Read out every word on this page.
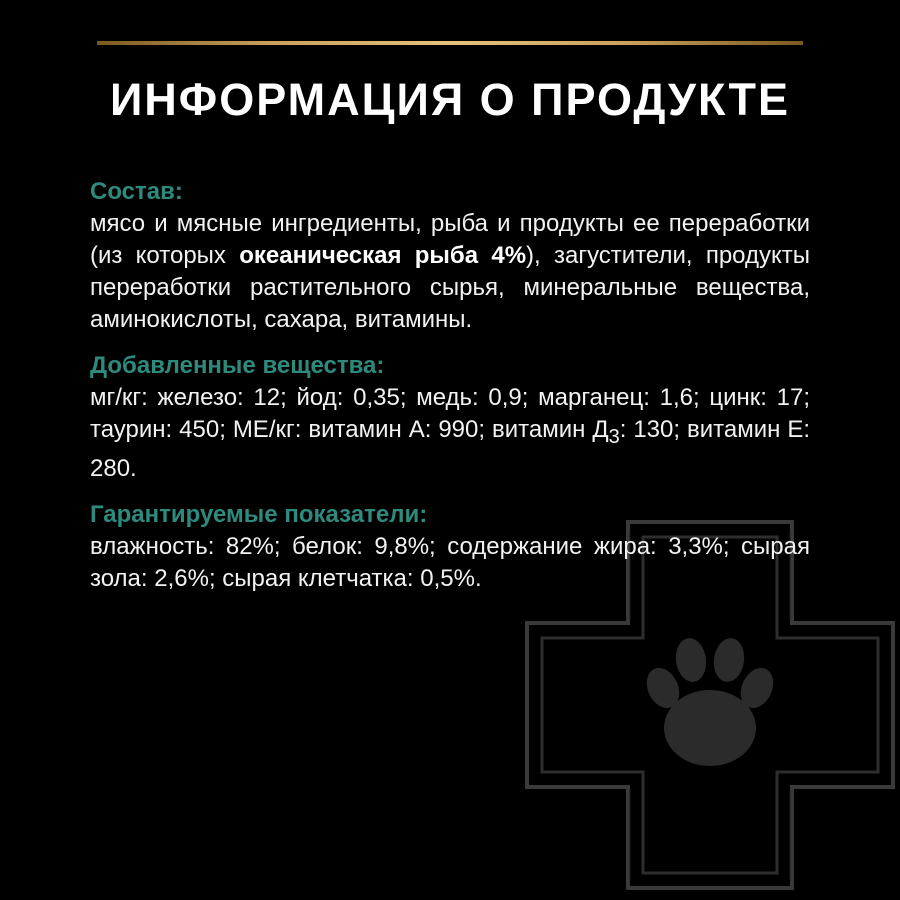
ИНФОРМАЦИЯ О ПРОДУКТЕ
Состав:

мясо и мясные ингредиенты, рыба и продукты ее переработки (из которых океаническая рыба 4%), загустители, продукты переработки растительного сырья, минеральные вещества, аминокислоты, сахара, витамины.

Добавленные вещества:

мг/кг: железо: 12; йод: 0,35; медь: 0,9; марганец: 1,6; цинк: 17; таурин: 450; МЕ/кг: витамин А: 990; витамин $Д_3$: 130; витамин Е: 280.

Гарантируемые показатели:

влажность: 82%; белок: 9,8%; содержание жира: 3,3%; сырая зола: 2,6%; сырая клетчатка: 0,5%.
